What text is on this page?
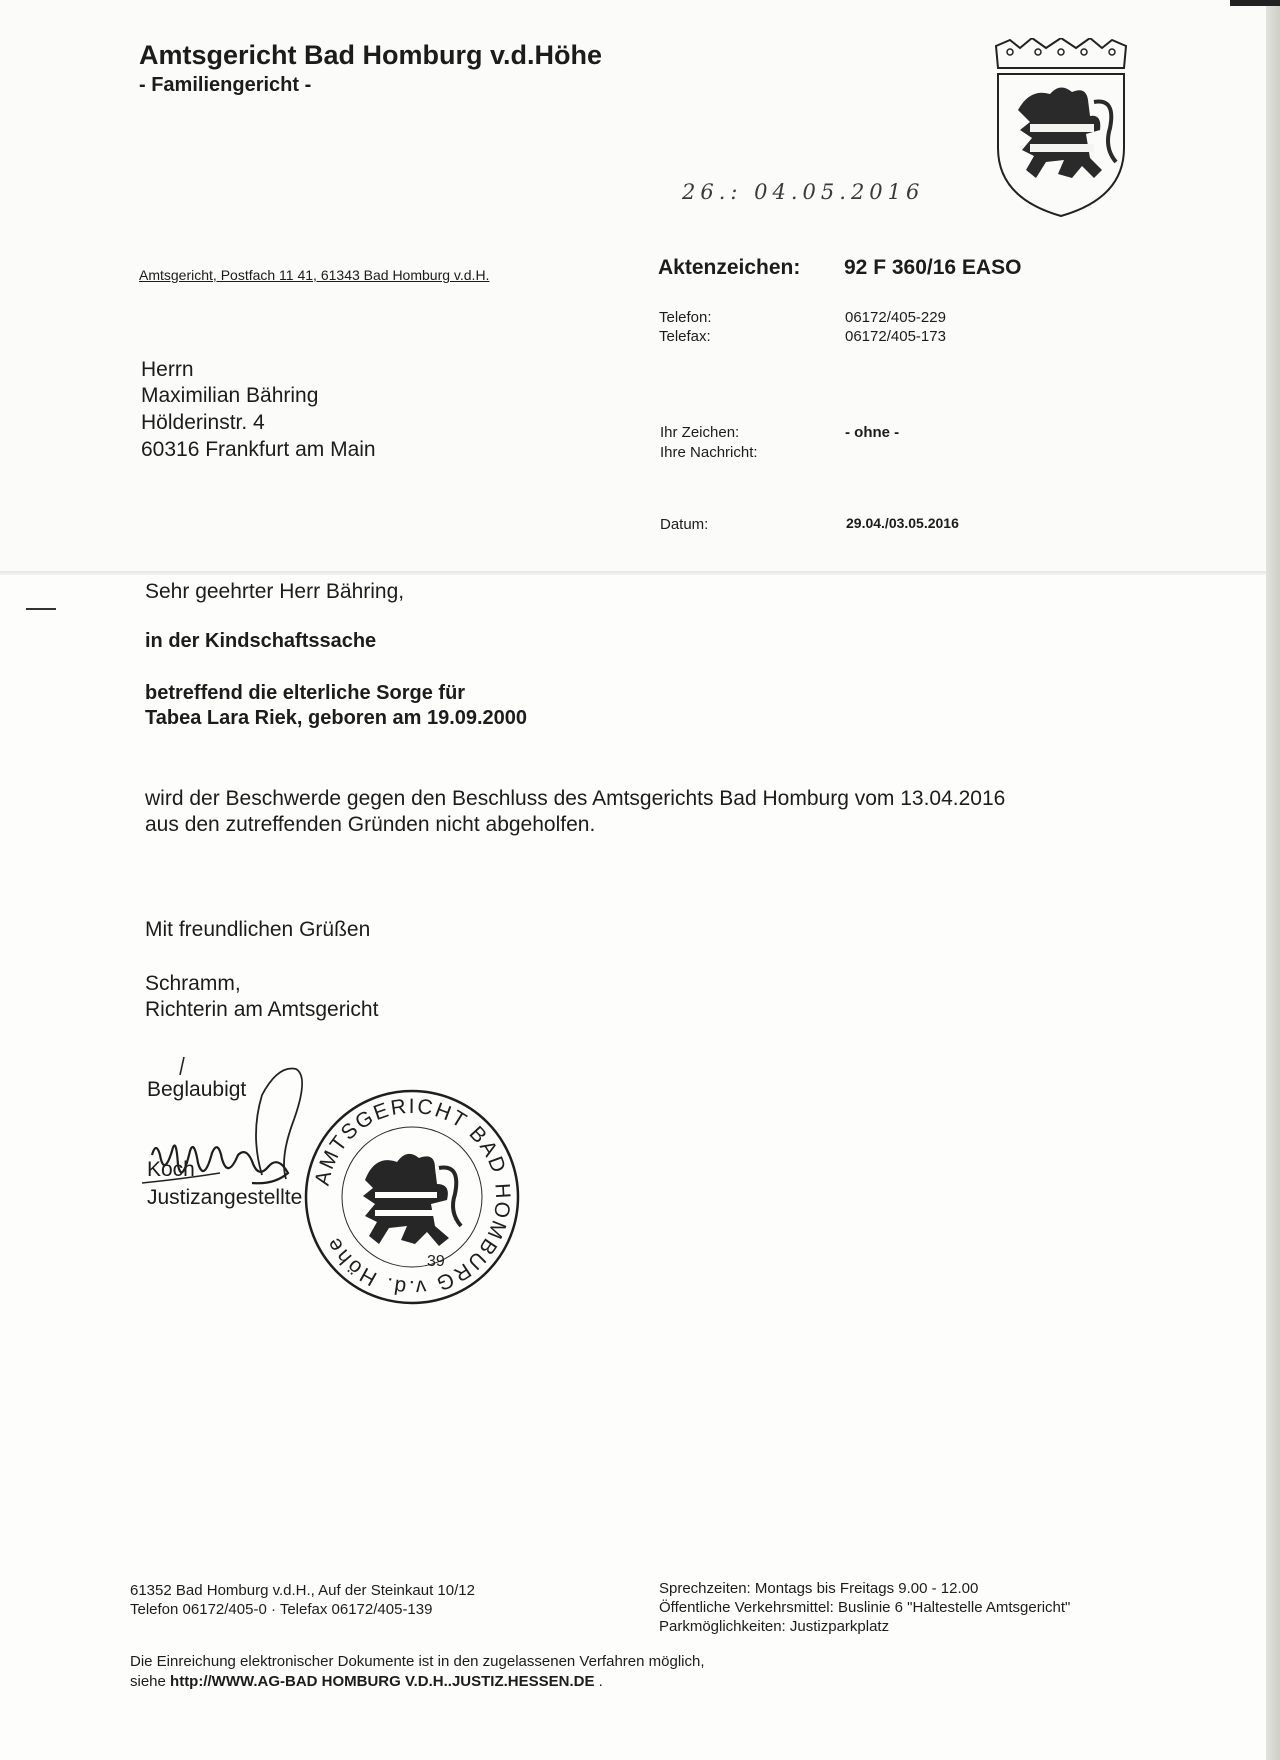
Amtsgericht Bad Homburg v.d.Höhe
- Familiengericht -
26.: 04.05.2016
Amtsgericht, Postfach 11 41, 61343 Bad Homburg v.d.H.
Herrn
Maximilian Bähring
Hölderinstr. 4
60316 Frankfurt am Main
Aktenzeichen: 92 F 360/16 EASO
Telefon:	06172/405-229
Telefax:	06172/405-173
Ihr Zeichen:	- ohne -
Ihre Nachricht:
Datum:	29.04./03.05.2016
Sehr geehrter Herr Bähring,
in der Kindschaftssache
betreffend die elterliche Sorge für
Tabea Lara Riek, geboren am 19.09.2000
wird der Beschwerde gegen den Beschluss des Amtsgerichts Bad Homburg vom 13.04.2016
aus den zutreffenden Gründen nicht abgeholfen.
Mit freundlichen Grüßen
Schramm,
Richterin am Amtsgericht
Beglaubigt
Koch
Justizangestellte
AMTSGERICHT BAD HOMBURG v.d. Höhe
39
61352 Bad Homburg v.d.H., Auf der Steinkaut 10/12
Telefon 06172/405-0 · Telefax 06172/405-139
Sprechzeiten: Montags bis Freitags 9.00 - 12.00
Öffentliche Verkehrsmittel: Buslinie 6 "Haltestelle Amtsgericht"
Parkmöglichkeiten: Justizparkplatz
Die Einreichung elektronischer Dokumente ist in den zugelassenen Verfahren möglich,
siehe http://WWW.AG-BAD HOMBURG V.D.H..JUSTIZ.HESSEN.DE .
